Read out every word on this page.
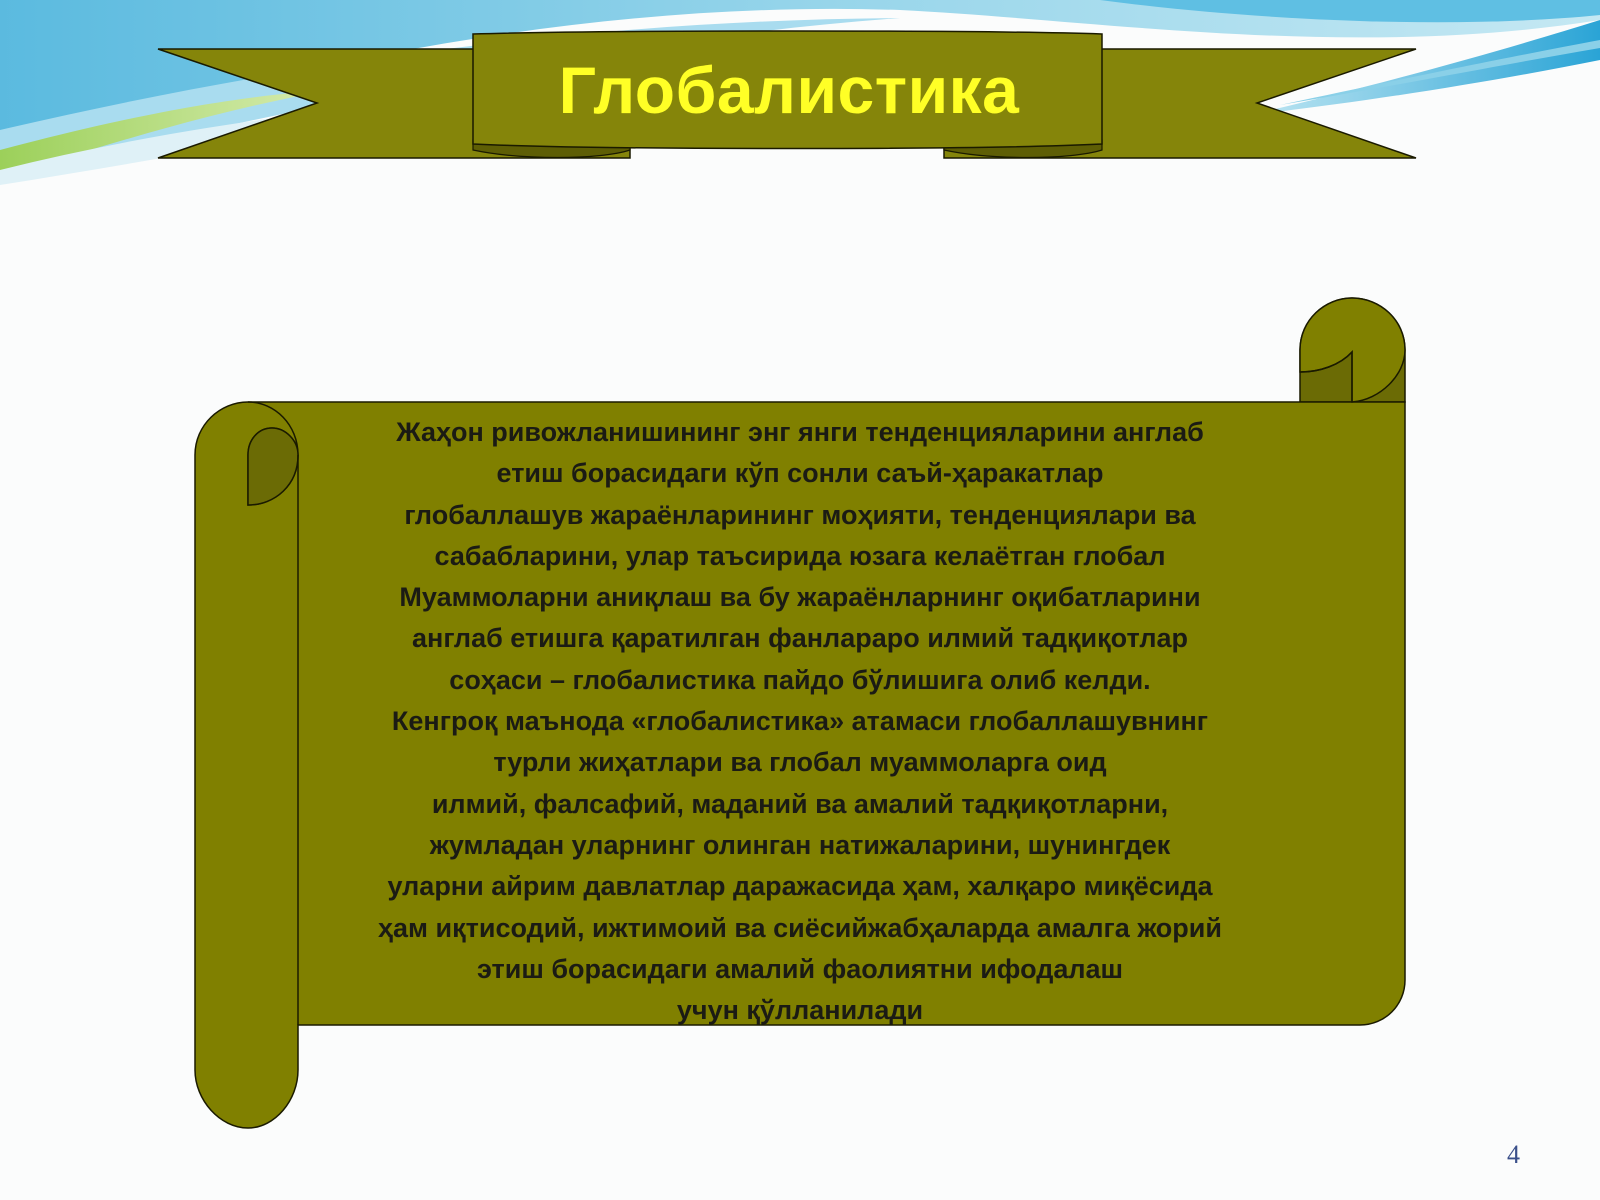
Глобалистика
Жаҳон ривожланишининг энг янги тенденцияларини англаб
етиш борасидаги кўп сонли саъй-ҳаракатлар
глобаллашув жараёнларининг моҳияти, тенденциялари ва
сабабларини, улар таъсирида юзага келаётган глобал
Муаммоларни аниқлаш ва бу жараёнларнинг оқибатларини
англаб етишга қаратилган фанлараро илмий тадқиқотлар
соҳаси – глобалистика пайдо бўлишига олиб келди.
Кенгроқ маънода «глобалистика» атамаси глобаллашувнинг
турли жиҳатлари ва глобал муаммоларга оид
илмий, фалсафий, маданий ва амалий тадқиқотларни,
жумладан уларнинг олинган натижаларини, шунингдек
уларни айрим давлатлар даражасида ҳам, халқаро миқёсида
ҳам иқтисодий, ижтимоий ва сиёсийжабҳаларда амалга жорий
этиш борасидаги амалий фаолиятни ифодалаш
учун қўлланилади
4
